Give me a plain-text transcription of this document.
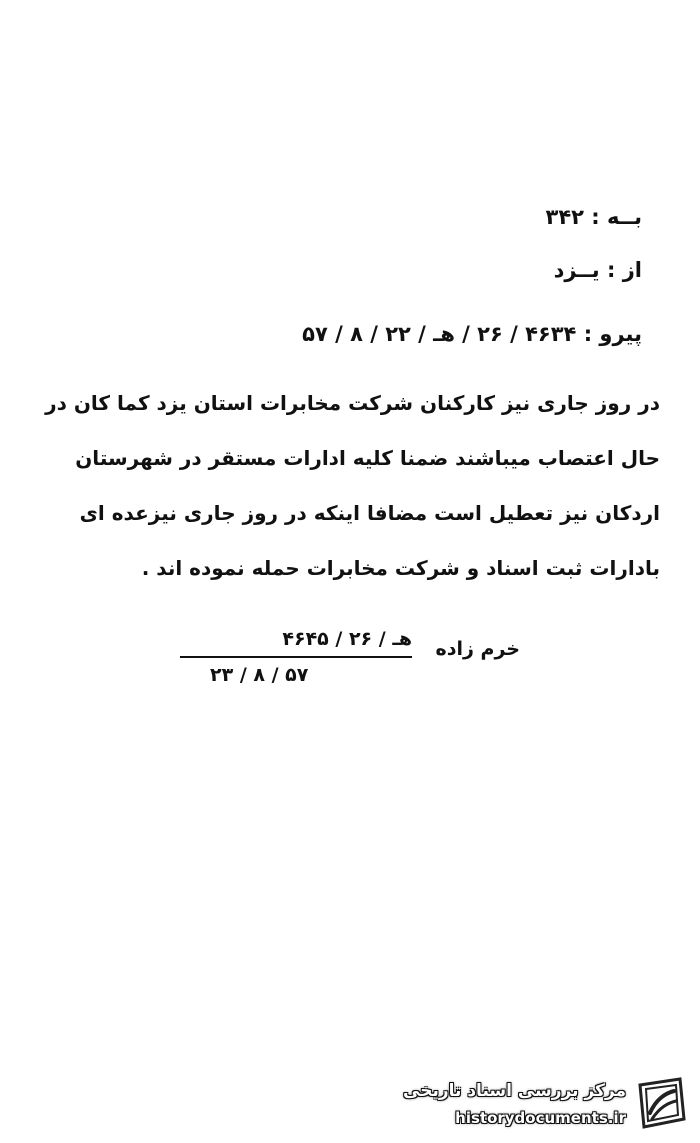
بــه : ۳۴۲
از : یــزد
پیرو : ۴۶۳۴ / ۲۶ / هـ / ۲۲ / ۸ / ۵۷

در روز جاری نیز کارکنان شرکت مخابرات استان یزد کما کان در

حال اعتصاب میباشند ضمنا کلیه ادارات مستقر در شهرستان

اردکان نیز تعطیل است مضافا اینکه در روز جاری نیزعده ای

بادارات ثبت اسناد و شرکت مخابرات حمله نموده اند .

خرم زاده
هـ / ۲۶ / ۴۶۴۵
۵۷ / ۸ / ۲۳
مرکز بررسی اسناد تاریخی
historydocuments.ir
